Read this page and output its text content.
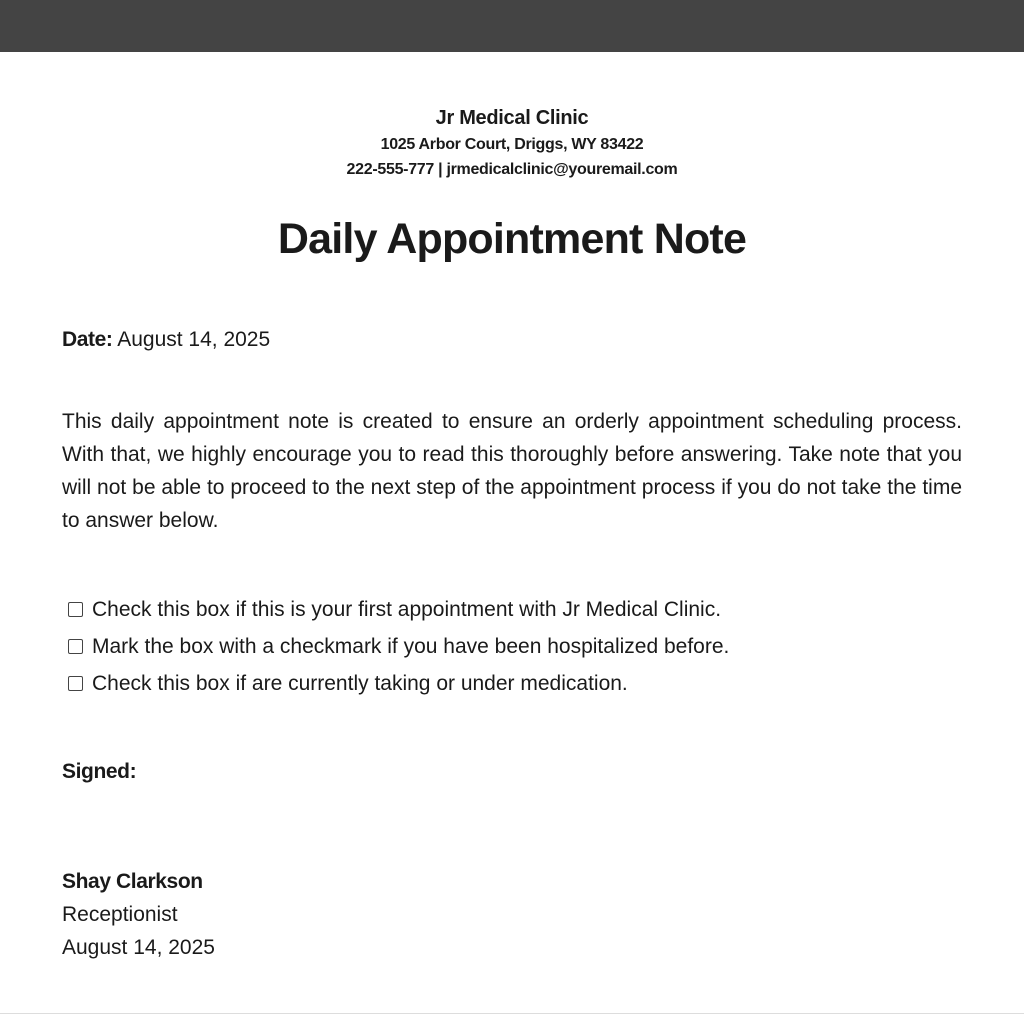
Jr Medical Clinic
1025 Arbor Court, Driggs, WY 83422
222-555-777 | jrmedicalclinic@youremail.com
Daily Appointment Note
Date: August 14, 2025
This daily appointment note is created to ensure an orderly appointment scheduling process. With that, we highly encourage you to read this thoroughly before answering. Take note that you will not be able to proceed to the next step of the appointment process if you do not take the time to answer below.
Check this box if this is your first appointment with Jr Medical Clinic.
Mark the box with a checkmark if you have been hospitalized before.
Check this box if are currently taking or under medication.
Signed:
Shay Clarkson
Receptionist
August 14, 2025
